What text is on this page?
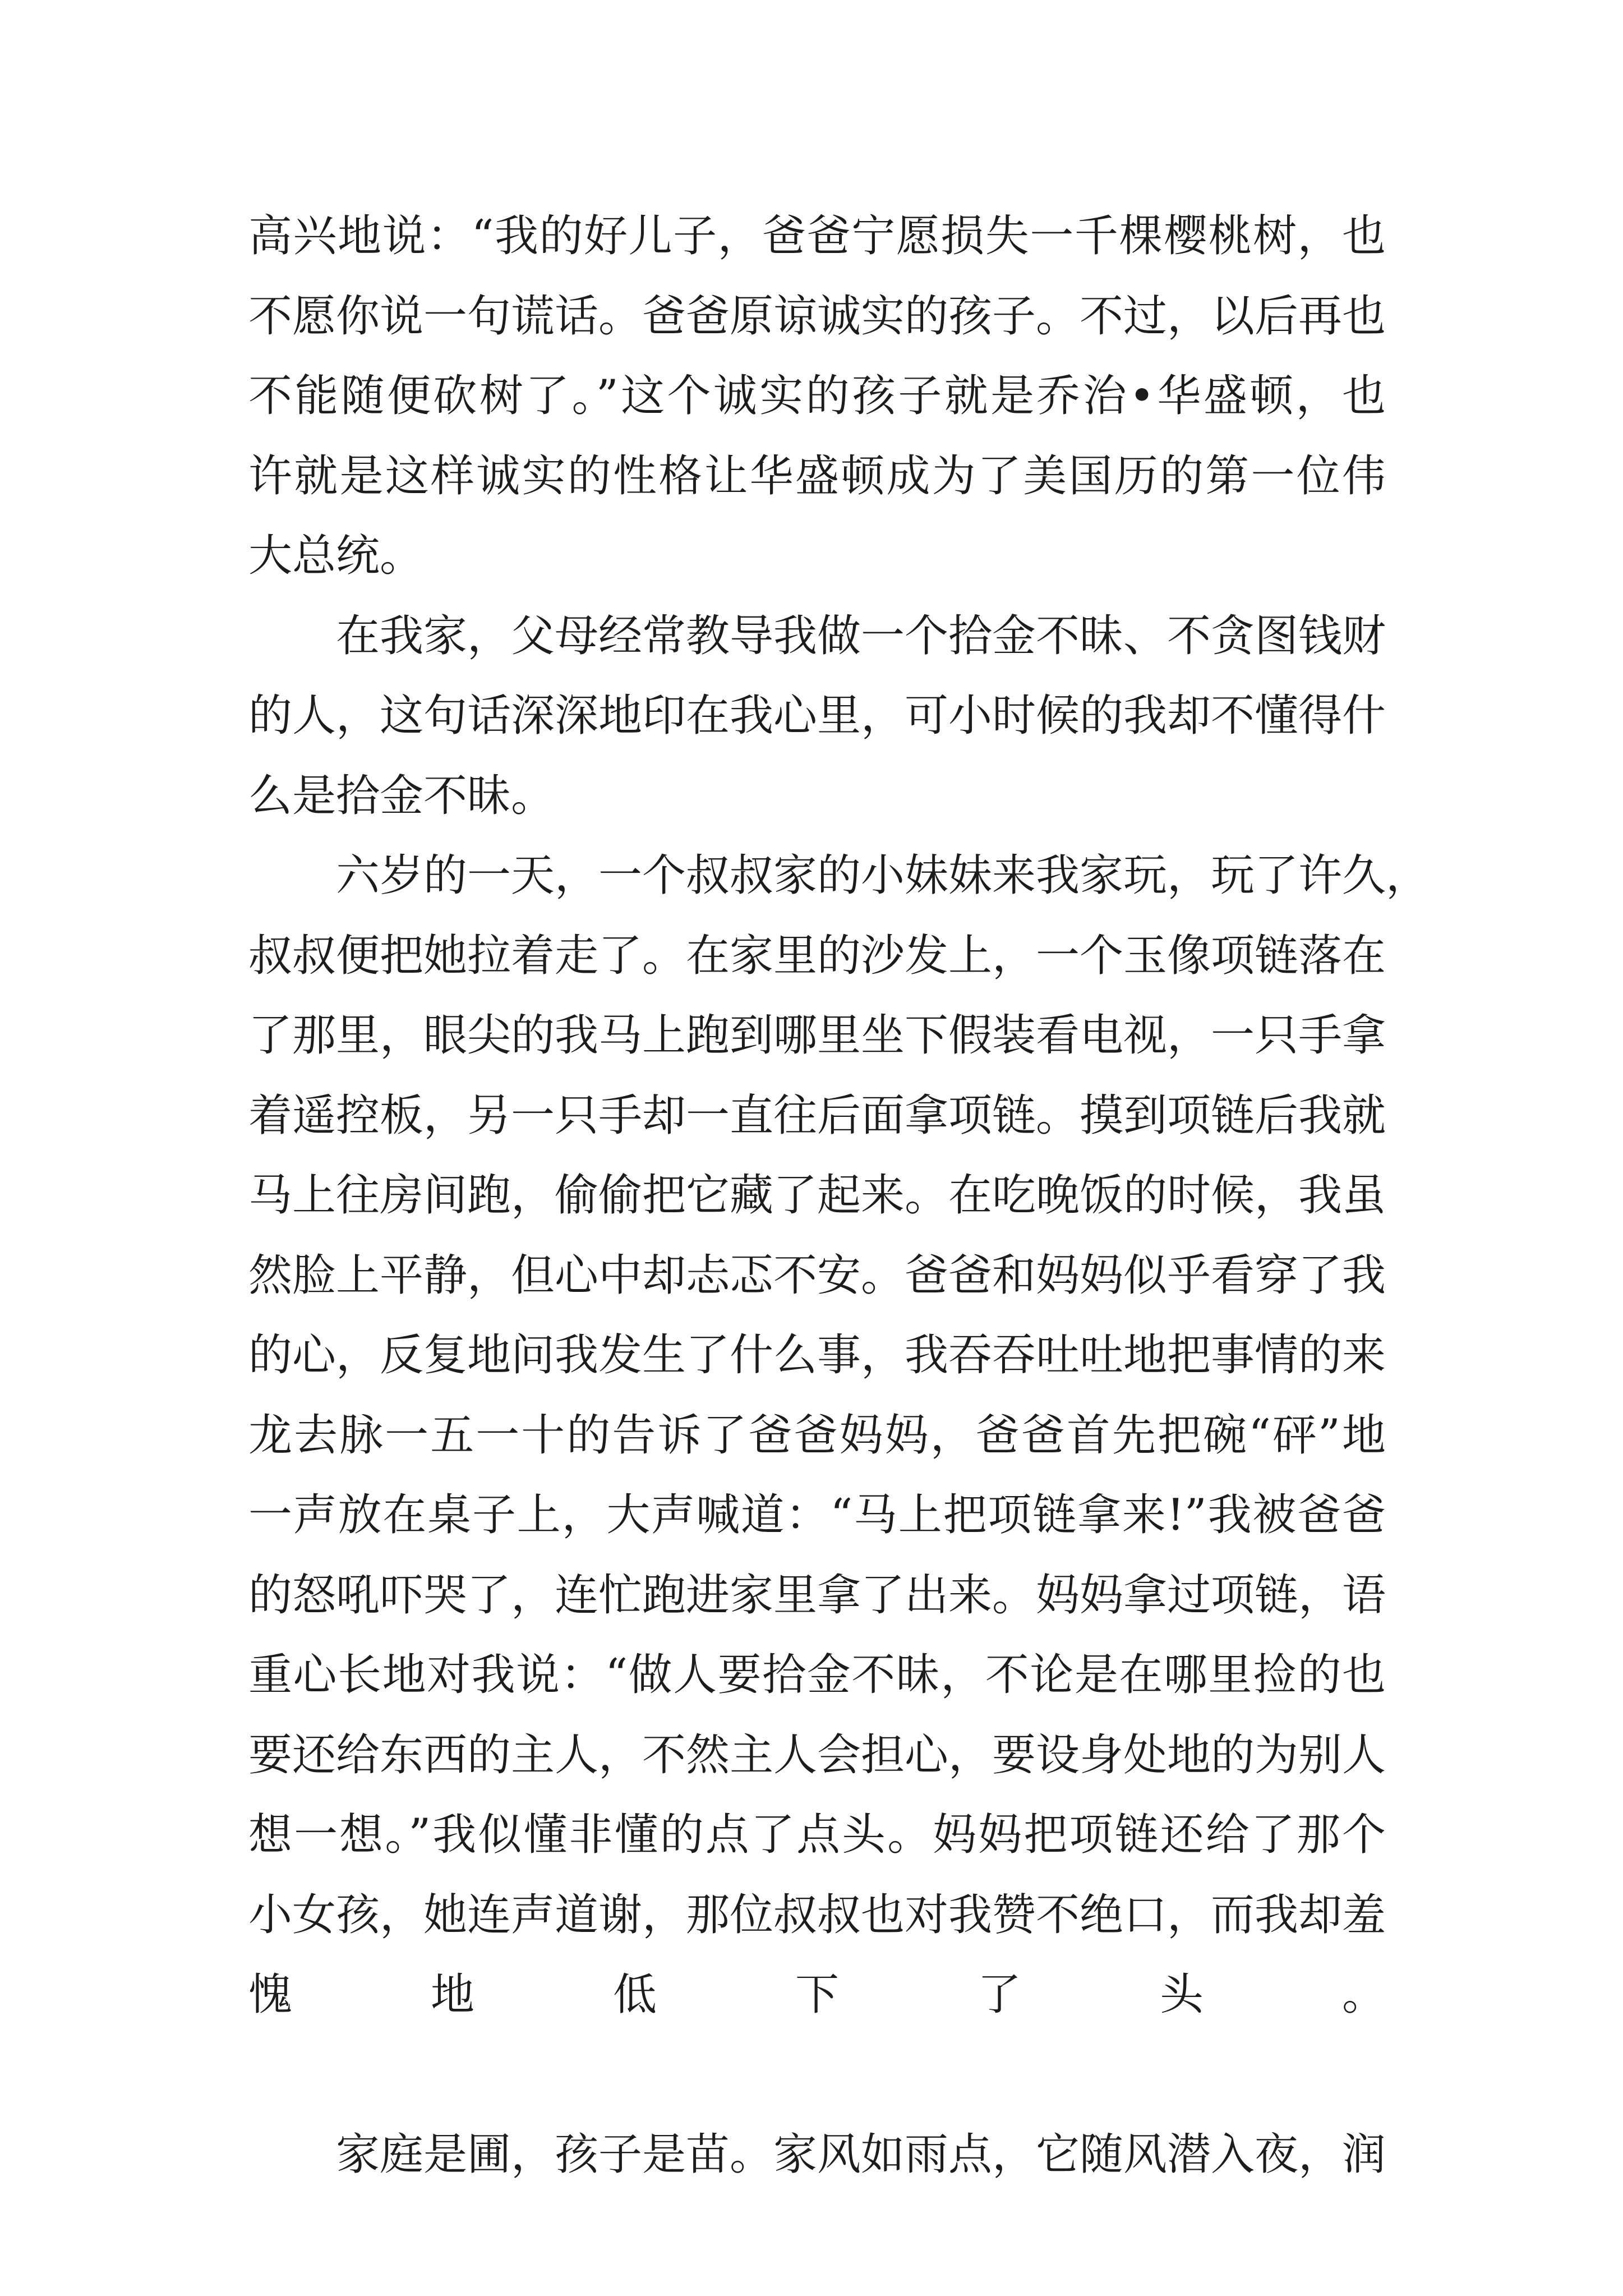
高兴地说：“我的好儿子，爸爸宁愿损失一千棵樱桃树，也
不愿你说一句谎话。爸爸原谅诚实的孩子。不过，以后再也
不能随便砍树了。”这个诚实的孩子就是乔治•华盛顿，也
许就是这样诚实的性格让华盛顿成为了美国历的第一位伟
大总统。
在我家，父母经常教导我做一个拾金不昧、不贪图钱财
的人，这句话深深地印在我心里，可小时候的我却不懂得什
么是拾金不昧。
六岁的一天，一个叔叔家的小妹妹来我家玩，玩了许久，
叔叔便把她拉着走了。在家里的沙发上，一个玉像项链落在
了那里，眼尖的我马上跑到哪里坐下假装看电视，一只手拿
着遥控板，另一只手却一直往后面拿项链。摸到项链后我就
马上往房间跑，偷偷把它藏了起来。在吃晚饭的时候，我虽
然脸上平静，但心中却忐忑不安。爸爸和妈妈似乎看穿了我
的心，反复地问我发生了什么事，我吞吞吐吐地把事情的来
龙去脉一五一十的告诉了爸爸妈妈，爸爸首先把碗“砰”地
一声放在桌子上，大声喊道：“马上把项链拿来!”我被爸爸
的怒吼吓哭了，连忙跑进家里拿了出来。妈妈拿过项链，语
重心长地对我说：“做人要拾金不昧，不论是在哪里捡的也
要还给东西的主人，不然主人会担心，要设身处地的为别人
想一想。”我似懂非懂的点了点头。妈妈把项链还给了那个
小女孩，她连声道谢，那位叔叔也对我赞不绝口，而我却羞
愧地低下了头。
家庭是圃，孩子是苗。家风如雨点，它随风潜入夜，润
